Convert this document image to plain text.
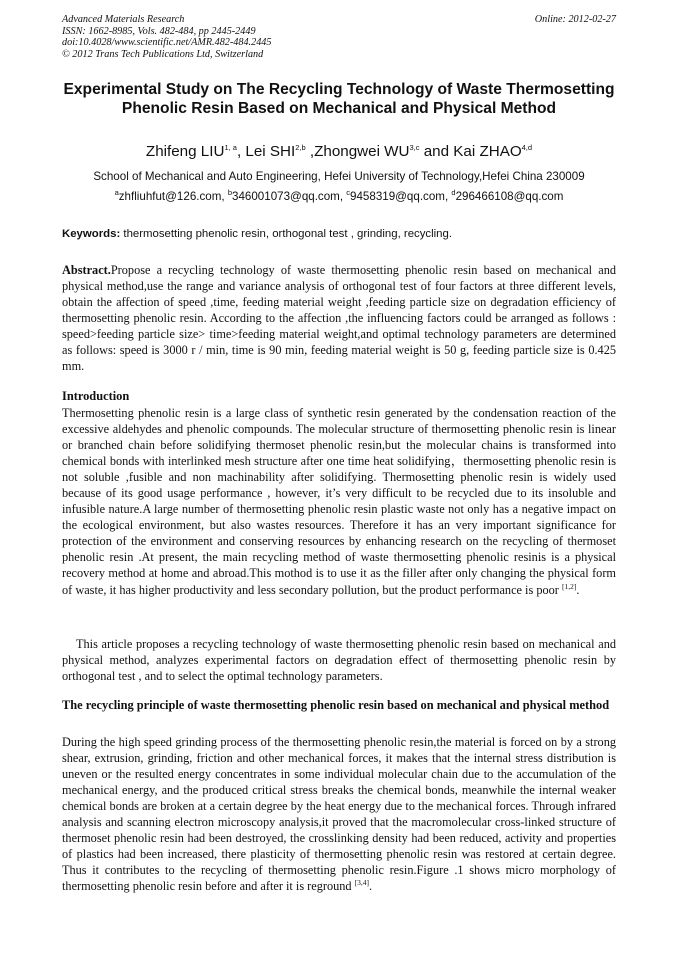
Advanced Materials Research
ISSN: 1662-8985, Vols. 482-484, pp 2445-2449
doi:10.4028/www.scientific.net/AMR.482-484.2445
© 2012 Trans Tech Publications Ltd, Switzerland
Online: 2012-02-27
Experimental Study on The Recycling Technology of Waste Thermosetting Phenolic Resin Based on Mechanical and Physical Method
Zhifeng LIU$^{1, a}$, Lei SHI$^{2,b}$ ,Zhongwei WU$^{3,c}$ and Kai ZHAO$^{4,d}$
School of Mechanical and Auto Engineering, Hefei University of Technology,Hefei China 230009
$^a$zhfliuhfut@126.com, $^b$346001073@qq.com, $^c$9458319@qq.com, $^d$296466108@qq.com
Keywords: thermosetting phenolic resin, orthogonal test , grinding, recycling.

Abstract.Propose a recycling technology of waste thermosetting phenolic resin based on mechanical and physical method,use the range and variance analysis of orthogonal test of four factors at three different levels, obtain the affection of speed ,time, feeding material weight ,feeding particle size on degradation efficiency of thermosetting phenolic resin. According to the affection ,the influencing factors could be arranged as follows : speed>feeding particle size> time>feeding material weight,and optimal technology parameters are determined as follows: speed is 3000 r / min, time is 90 min, feeding material weight is 50 g, feeding particle size is 0.425 mm.

Introduction

Thermosetting phenolic resin is a large class of synthetic resin generated by the condensation reaction of the excessive aldehydes and phenolic compounds. The molecular structure of thermosetting phenolic resin is linear or branched chain before solidifying thermoset phenolic resin,but the molecular chains is transformed into chemical bonds with interlinked mesh structure after one time heat solidifying，thermosetting phenolic resin is not soluble ,fusible and non machinability after solidifying. Thermosetting phenolic resin is widely used because of its good usage performance , however, it’s very difficult to be recycled due to its insoluble and infusible nature.A large number of thermosetting phenolic resin plastic waste not only has a negative impact on the ecological environment, but also wastes resources. Therefore it has an very important significance for protection of the environment and conserving resources by enhancing research on the recycling of thermoset phenolic resin .At present, the main recycling method of waste thermosetting phenolic resinis is a physical recovery method at home and abroad.This mothod is to use it as the filler after only changing the physical form of waste, it has higher productivity and less secondary pollution, but the product performance is poor [1,2].

This article proposes a recycling technology of waste thermosetting phenolic resin based on mechanical and physical method, analyzes experimental factors on degradation effect of thermosetting phenolic resin by orthogonal test , and to select the optimal technology parameters.

The recycling principle of waste thermosetting phenolic resin based on mechanical and physical method

During the high speed grinding process of the thermosetting phenolic resin,the material is forced on by a strong shear, extrusion, grinding, friction and other mechanical forces, it makes that the internal stress distribution is uneven or the resulted energy concentrates in some individual molecular chain due to the accumulation of the mechanical energy, and the produced critical stress breaks the chemical bonds, meanwhile the internal weaker chemical bonds are broken at a certain degree by the heat energy due to the mechanical forces. Through infrared analysis and scanning electron microscopy analysis,it proved that the macromolecular cross-linked structure of thermoset phenolic resin had been destroyed, the crosslinking density had been reduced, activity and properties of plastics had been increased, there plasticity of thermosetting phenolic resin was restored at certain degree. Thus it contributes to the recycling of thermosetting phenolic resin.Figure .1 shows micro morphology of thermosetting phenolic resin before and after it is reground [3,4].
